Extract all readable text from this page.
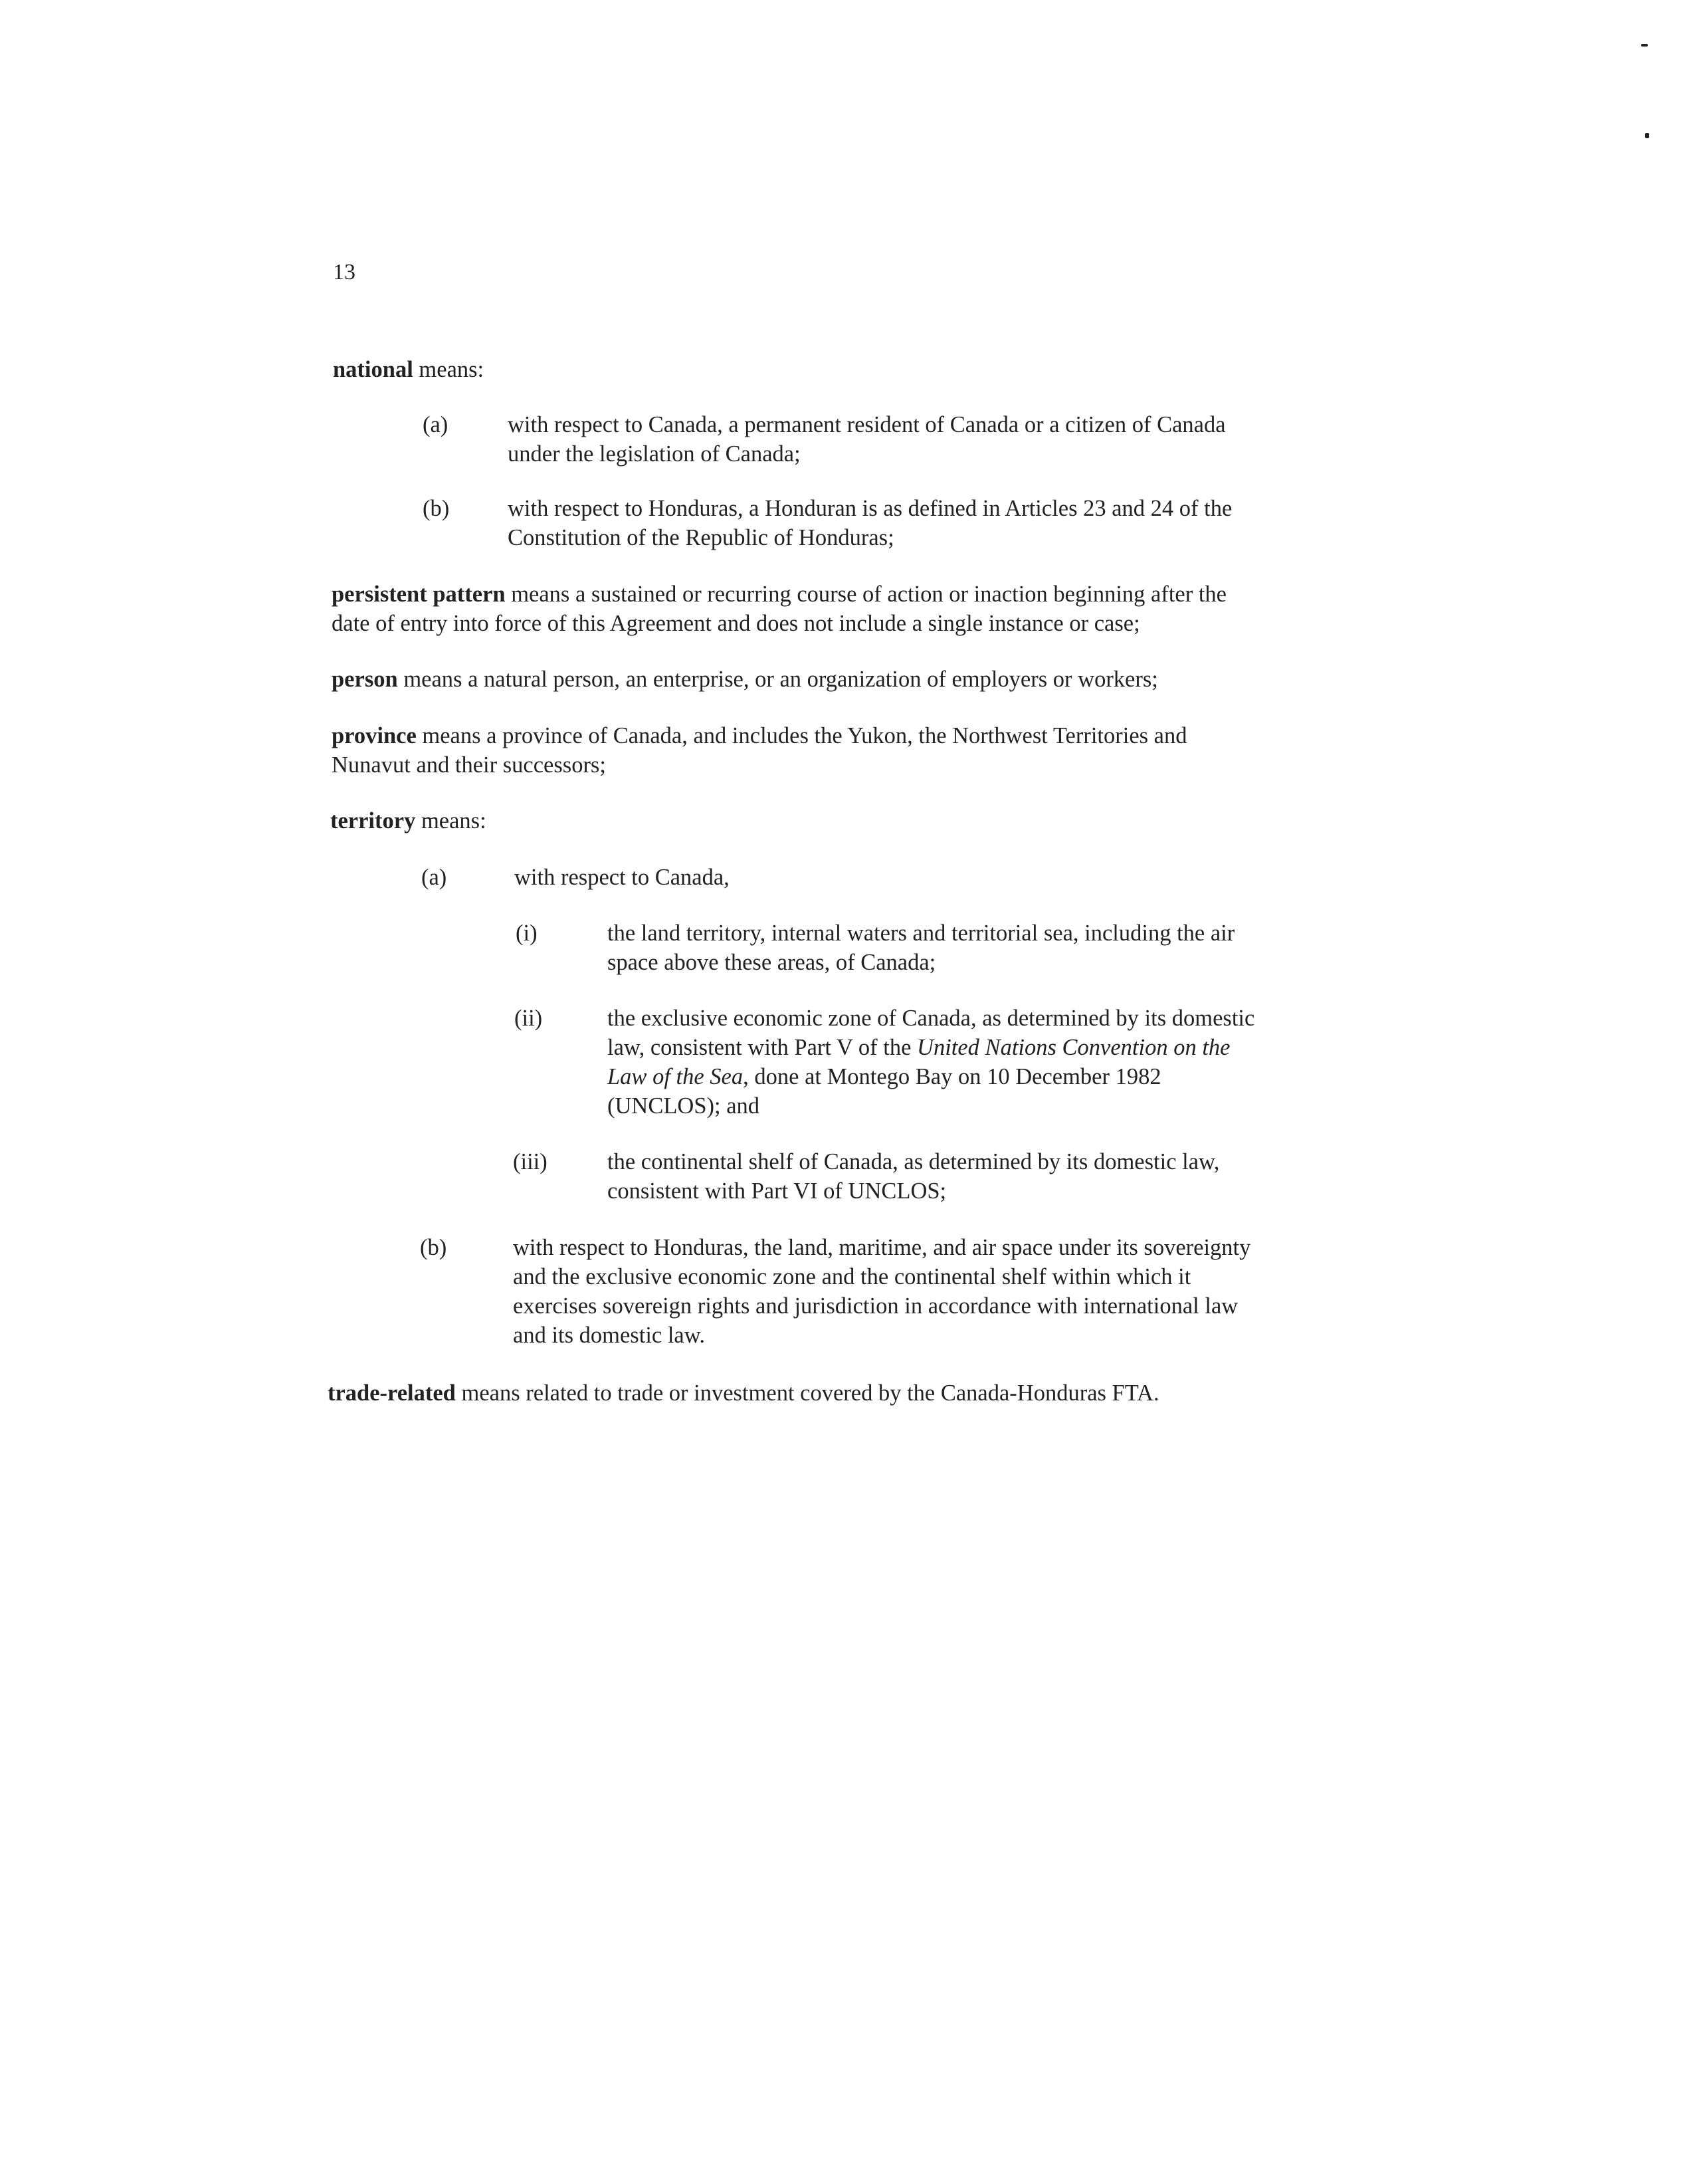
13

national means:

(a)	with respect to Canada, a permanent resident of Canada or a citizen of Canada
under the legislation of Canada;
(b)	with respect to Honduras, a Honduran is as defined in Articles 23 and 24 of the
Constitution of the Republic of Honduras;
persistent pattern means a sustained or recurring course of action or inaction beginning after the
date of entry into force of this Agreement and does not include a single instance or case;
person means a natural person, an enterprise, or an organization of employers or workers;
province means a province of Canada, and includes the Yukon, the Northwest Territories and
Nunavut and their successors;

territory means:

(a)	with respect to Canada,
(i)	the land territory, internal waters and territorial sea, including the air
space above these areas, of Canada;
(ii)	the exclusive economic zone of Canada, as determined by its domestic
law, consistent with Part V of the United Nations Convention on the
Law of the Sea, done at Montego Bay on 10 December 1982
(UNCLOS); and
(iii)	the continental shelf of Canada, as determined by its domestic law,
consistent with Part VI of UNCLOS;
(b)	with respect to Honduras, the land, maritime, and air space under its sovereignty
and the exclusive economic zone and the continental shelf within which it
exercises sovereign rights and jurisdiction in accordance with international law
and its domestic law.
trade-related means related to trade or investment covered by the Canada-Honduras FTA.
